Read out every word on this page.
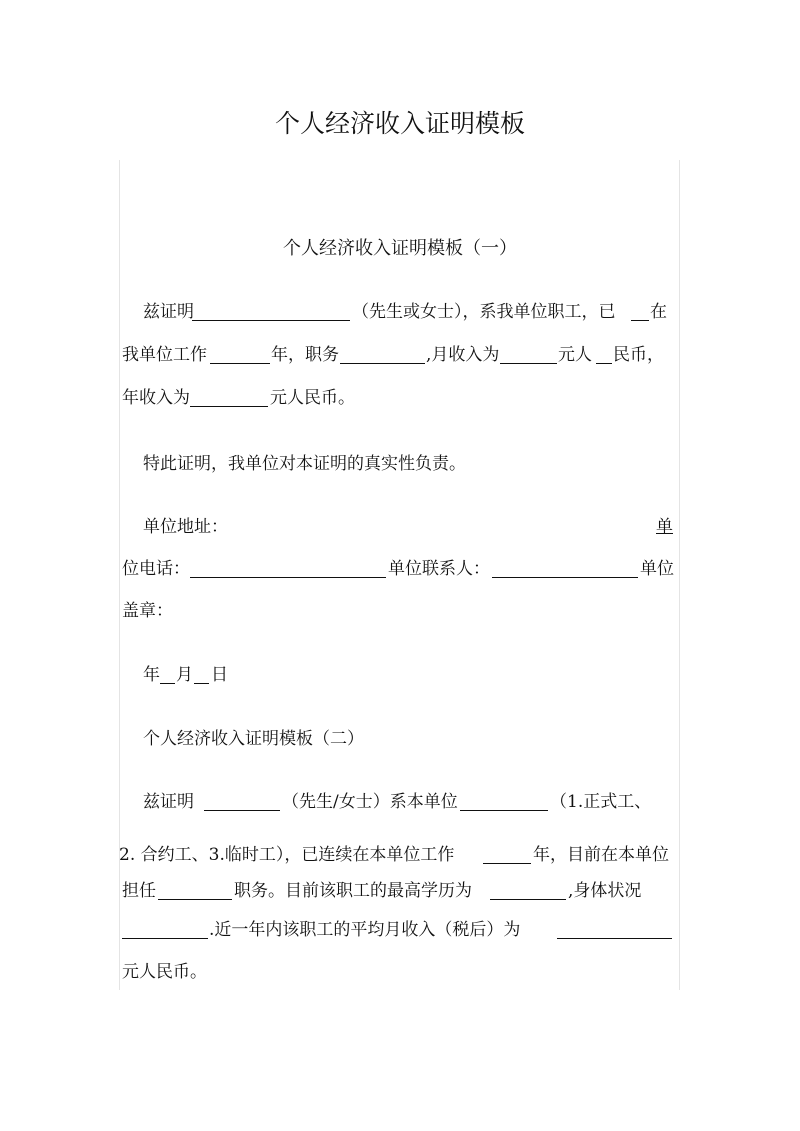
个人经济收入证明模板
个人经济收入证明模板（一）
兹证明	（先生或女士），系我单位职工，已 在
我单位工作	年，职务	,月收入为	元人 民币，
年收入为	元人民币。
特此证明，我单位对本证明的真实性负责。
单位地址：	单
位电话：	单位联系人：	单位
盖章：
年 月 日
个人经济收入证明模板（二）
兹证明	（先生/女士）系本单位	（1.正式工、
2. 合约工、3.临时工），已连续在本单位工作	年，目前在本单位
担任	职务。目前该职工的最高学历为	,身体状况
.近一年内该职工的平均月收入（税后）为
元人民币。
